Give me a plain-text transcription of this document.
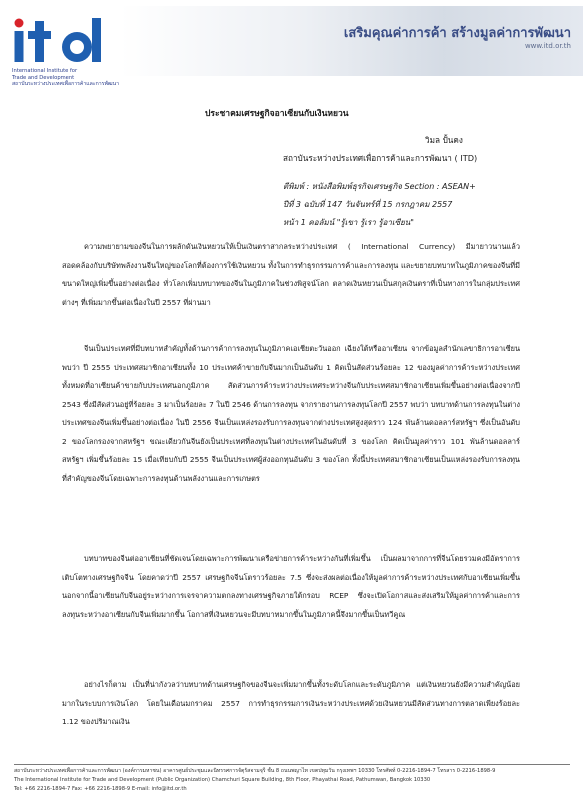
International Institute for
Trade and Development
สถาบันระหว่างประเทศเพื่อการค้าและการพัฒนา
เสริมคุณค่าการค้า สร้างมูลค่าการพัฒนา
www.itd.or.th
ประชาคมเศรษฐกิจอาเซียนกับเงินหยวน
วิมล ปั้นคง
สถาบันระหว่างประเทศเพื่อการค้าและการพัฒนา ( ITD)
ตีพิมพ์ : หนังสือพิมพ์ธุรกิจเศรษฐกิจ Section : ASEAN+
ปีที่ 3 ฉบับที่ 147 วันจันทร์ที่ 15 กรกฎาคม 2557
หน้า 1 คอลัมน์ "รู้เขา รู้เรา รู้อาเซียน"

ความพยายามของจีนในการผลักดันเงินหยวนให้เป็นเงินตราสากลระหว่างประเทศ ( International Currency) มีมายาวนานแล้ว สอดคล้องกับบริษัทพลังงานจีนใหญ่ของโลกที่ต้องการใช้เงินหยวน ทั้งในการทำธุรกรรมการค้าและการลงทุน และขยายบทบาทในภูมิภาคของจีนที่มีขนาดใหญ่เพิ่มขึ้นอย่างต่อเนื่อง ทั่วโลกเพิ่มบทบาทของจีนในภูมิภาคในช่วงพิสูจน์โลก ตลาดเงินหยวนเป็นสกุลเงินตราที่เป็นทางการในกลุ่มประเทศต่างๆ ที่เพิ่มมากขึ้นต่อเนื่องในปี 2557 ที่ผ่านมา

จีนเป็นประเทศที่มีบทบาทสำคัญทั้งด้านการค้าการลงทุนในภูมิภาคเอเชียตะวันออก เฉียงใต้หรืออาเซียน จากข้อมูลสำนักเลขาธิการอาเซียนพบว่า ปี 2555 ประเทศสมาชิกอาเซียนทั้ง 10 ประเทศค้าขายกับจีนมากเป็นอันดับ 1 คิดเป็นสัดส่วนร้อยละ 12 ของมูลค่าการค้าระหว่างประเทศทั้งหมดที่อาเซียนค้าขายกับประเทศนอกภูมิภาค สัดส่วนการค้าระหว่างประเทศระหว่างจีนกับประเทศสมาชิกอาเซียนเพิ่มขึ้นอย่างต่อเนื่องจากปี 2543 ซึ่งมีสัดส่วนอยู่ที่ร้อยละ 3 มาเป็นร้อยละ 7 ในปี 2546 ด้านการลงทุน จากรายงานการลงทุนโลกปี 2557 พบว่า บทบาทด้านการลงทุนในต่างประเทศของจีนเพิ่มขึ้นอย่างต่อเนื่อง ในปี 2556 จีนเป็นแหล่งรองรับการลงทุนจากต่างประเทศสูงสุดราว 124 พันล้านดอลลาร์สหรัฐฯ ซึ่งเป็นอันดับ 2 ของโลกรองจากสหรัฐฯ ขณะเดียวกันจีนยังเป็นประเทศที่ลงทุนในต่างประเทศในอันดับที่ 3 ของโลก คิดเป็นมูลค่าราว 101 พันล้านดอลลาร์สหรัฐฯ เพิ่มขึ้นร้อยละ 15 เมื่อเทียบกับปี 2555 จีนเป็นประเทศผู้ส่งออกทุนอันดับ 3 ของโลก ทั้งนี้ประเทศสมาชิกอาเซียนเป็นแหล่งรองรับการลงทุนที่สำคัญของจีนโดยเฉพาะการลงทุนด้านพลังงานและการเกษตร

บทบาทของจีนต่ออาเซียนที่ชัดเจนโดยเฉพาะการพัฒนาเครือข่ายการค้าระหว่างกันที่เพิ่มขึ้น เป็นผลมาจากการที่จีนโดยรวมคงมีอัตราการเติบโตทางเศรษฐกิจจีน โดยคาดว่าปี 2557 เศรษฐกิจจีนโตราวร้อยละ 7.5 ซึ่งจะส่งผลต่อเนื่องให้มูลค่าการค้าระหว่างประเทศกับอาเซียนเพิ่มขึ้น นอกจากนี้อาเซียนกับจีนอยู่ระหว่างการเจรจาความตกลงทางเศรษฐกิจภายใต้กรอบ RCEP ซึ่งจะเปิดโอกาสและส่งเสริมให้มูลค่าการค้าและการลงทุนระหว่างอาเซียนกับจีนเพิ่มมากขึ้น โอกาสที่เงินหยวนจะมีบทบาทมากขึ้นในภูมิภาคนี้จึงมากขึ้นเป็นทวีคูณ

อย่างไรก็ตาม เป็นที่น่ากังวลว่าบทบาทด้านเศรษฐกิจของจีนจะเพิ่มมากขึ้นทั้งระดับโลกและระดับภูมิภาค แต่เงินหยวนยังมีความสำคัญน้อยมากในระบบการเงินโลก โดยในเดือนมกราคม 2557 การทำธุรกรรมการเงินระหว่างประเทศด้วยเงินหยวนมีสัดส่วนทางการตลาดเพียงร้อยละ 1.12 ของปริมาณเงิน

สถาบันระหว่างประเทศเพื่อการค้าและการพัฒนา (องค์การมหาชน) อาคารศูนย์ประชุมและนิทรรศการจัตุรัสจามจุรี ชั้น 8 ถนนพญาไท เขตปทุมวัน กรุงเทพฯ 10330 โทรศัพท์ 0-2216-1894-7 โทรสาร 0-2216-1898-9
The International Institute for Trade and Development (Public Organization) Chamchuri Square Building, 8th Floor, Phayathai Road, Pathumwan, Bangkok 10330
Tel: +66 2216-1894-7 Fax: +66 2216-1898-9 E-mail: info@itd.or.th
